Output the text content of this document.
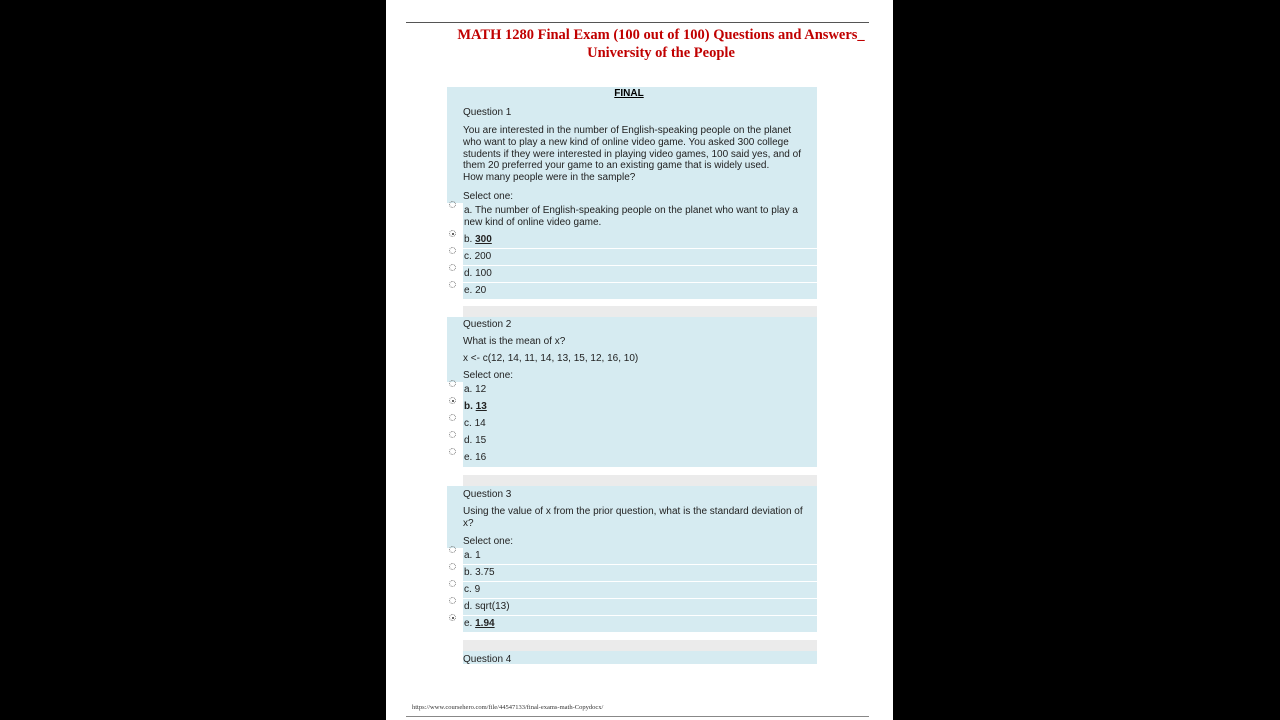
MATH 1280 Final Exam (100 out of 100) Questions and Answers_
University of the People
FINAL
Question 1
You are interested in the number of English-speaking people on the planet who want to play a new kind of online video game. You asked 300 college students if they were interested in playing video games, 100 said yes, and of them 20 preferred your game to an existing game that is widely used.
How many people were in the sample?
Select one:
a. The number of English-speaking people on the planet who want to play a new kind of online video game.
b. 300
c. 200
d. 100
e. 20
Question 2
What is the mean of x?
x <- c(12, 14, 11, 14, 13, 15, 12, 16, 10)
Select one:
a. 12
b. 13
c. 14
d. 15
e. 16
Question 3
Using the value of x from the prior question, what is the standard deviation of x?
Select one:
a. 1
b. 3.75
c. 9
d. sqrt(13)
e. 1.94
Question 4
https://www.coursehero.com/file/44547133/final-exams-math-Copydocx/
